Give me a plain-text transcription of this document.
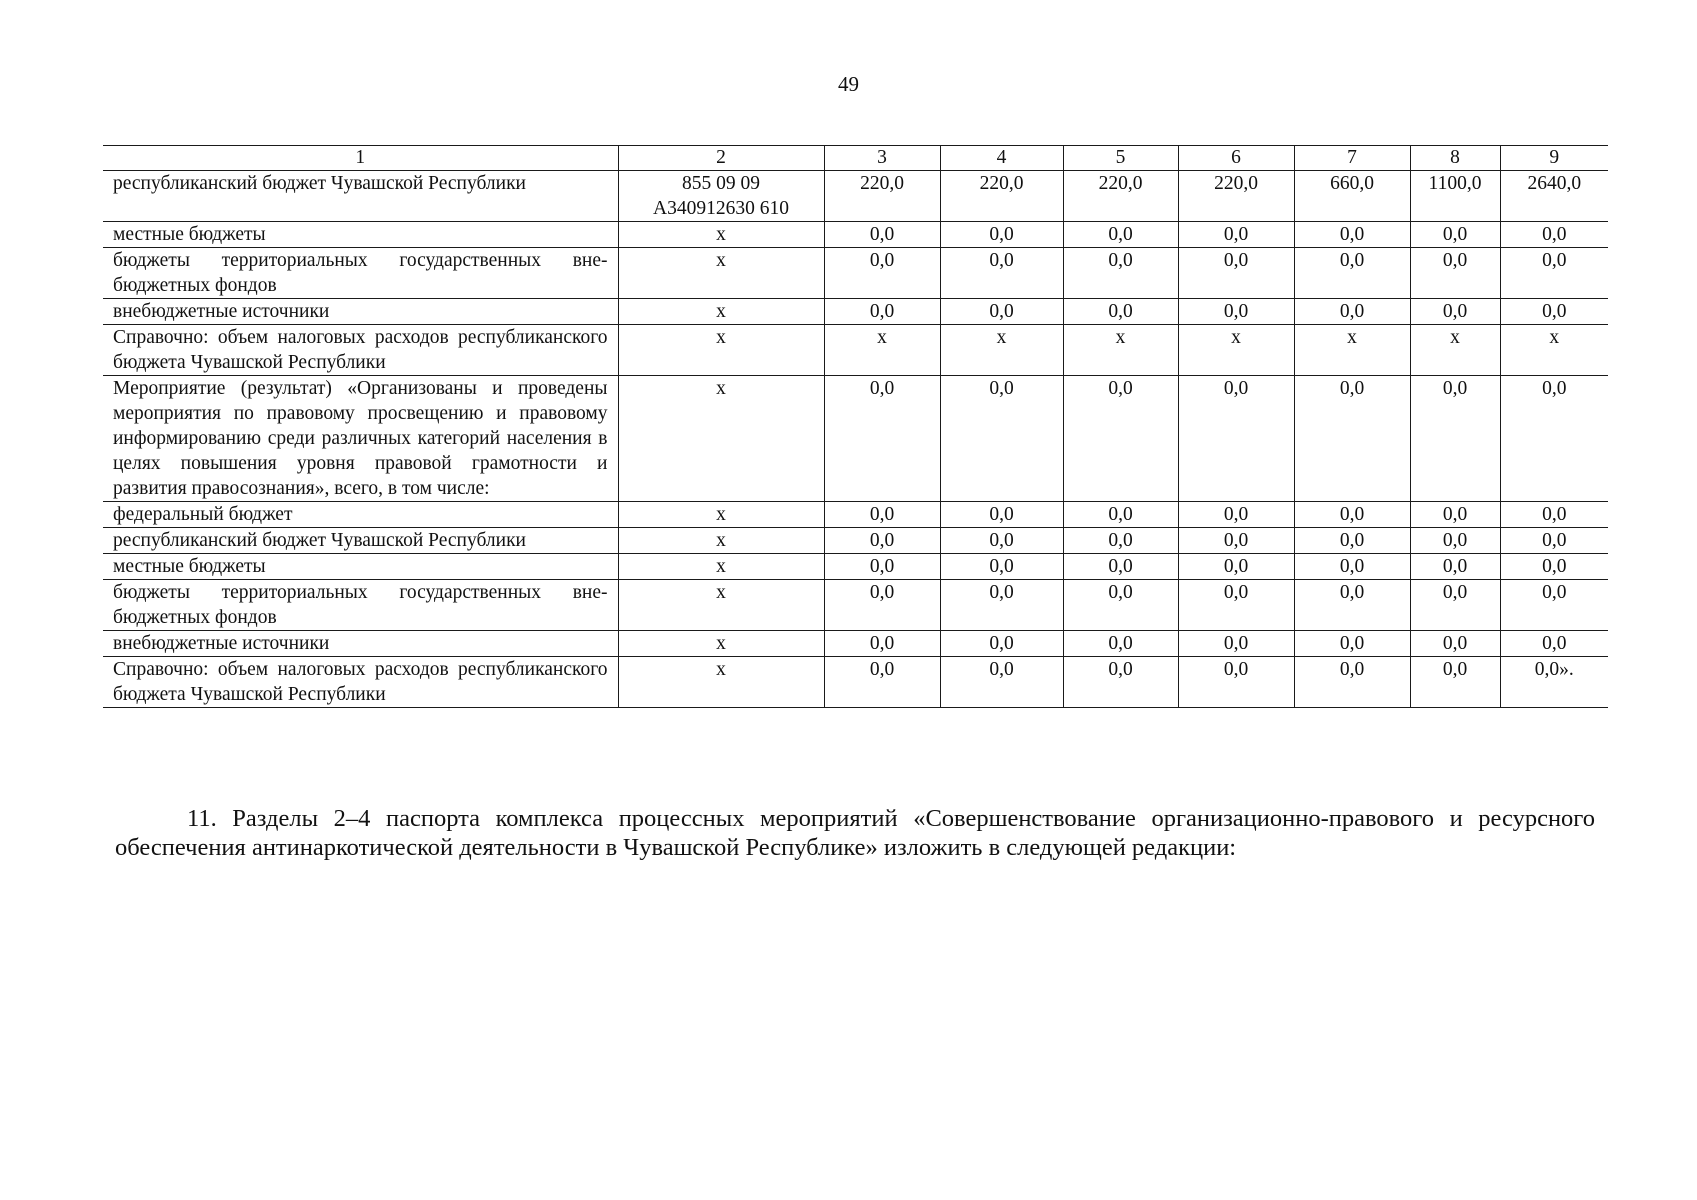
49
1	2	3	4	5	6	7	8	9
республиканский бюджет Чувашской Республики	855 09 09 А340912630 610	220,0	220,0	220,0	220,0	660,0	1100,0	2640,0
местные бюджеты	x	0,0	0,0	0,0	0,0	0,0	0,0	0,0
бюджеты территориальных государственных внебюджетных фондов	x	0,0	0,0	0,0	0,0	0,0	0,0	0,0
внебюджетные источники	x	0,0	0,0	0,0	0,0	0,0	0,0	0,0
Справочно: объем налоговых расходов республиканского бюджета Чувашской Республики	x	x	x	x	x	x	x	x
Мероприятие (результат) «Организованы и проведены мероприятия по правовому просвещению и правовому информированию среди различных категорий населения в целях повышения уровня правовой грамотности и развития правосознания», всего, в том числе:	x	0,0	0,0	0,0	0,0	0,0	0,0	0,0
федеральный бюджет	x	0,0	0,0	0,0	0,0	0,0	0,0	0,0
республиканский бюджет Чувашской Республики	x	0,0	0,0	0,0	0,0	0,0	0,0	0,0
местные бюджеты	x	0,0	0,0	0,0	0,0	0,0	0,0	0,0
бюджеты территориальных государственных внебюджетных фондов	x	0,0	0,0	0,0	0,0	0,0	0,0	0,0
внебюджетные источники	x	0,0	0,0	0,0	0,0	0,0	0,0	0,0
Справочно: объем налоговых расходов республиканского бюджета Чувашской Республики	x	0,0	0,0	0,0	0,0	0,0	0,0	0,0».
11. Разделы 2–4 паспорта комплекса процессных мероприятий «Совершенствование организационно-правового и ресурсного обеспечения антинаркотической деятельности в Чувашской Республике» изложить в следующей редакции:
